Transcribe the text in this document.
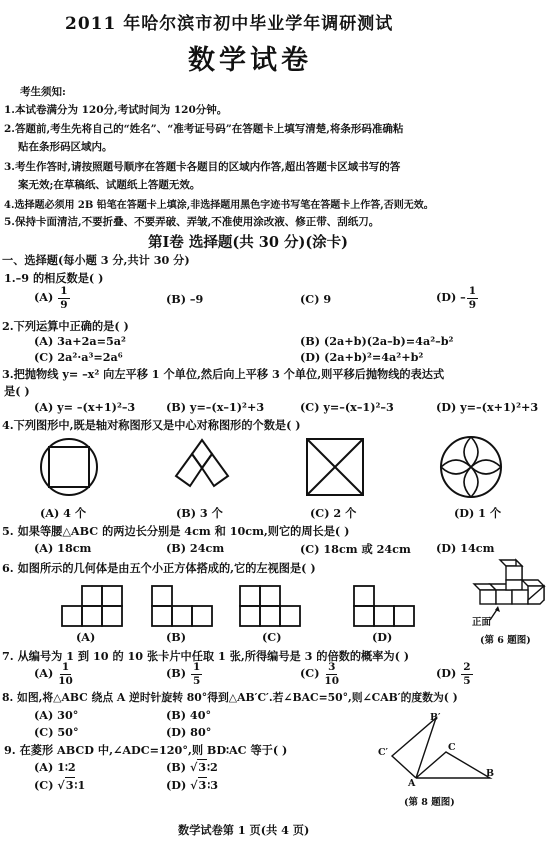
2011 年哈尔滨市初中毕业学年调研测试
数学试卷
考生须知:
1.本试卷满分为 120分,考试时间为 120分钟。
2.答题前,考生先将自己的“姓名”、“准考证号码”在答题卡上填写清楚,将条形码准确粘
贴在条形码区域内。
3.考生作答时,请按照题号顺序在答题卡各题目的区域内作答,超出答题卡区域书写的答
案无效;在草稿纸、试题纸上答题无效。
4.选择题必须用 2B 铅笔在答题卡上填涂,非选择题用黑色字迹书写笔在答题卡上作答,否则无效。
5.保持卡面清洁,不要折叠、不要弄破、弄皱,不准使用涂改液、修正带、刮纸刀。
第Ⅰ卷 选择题(共 30 分)(涂卡)
一、选择题(每小题 3 分,共计 30 分)
1.–9 的相反数是( )
$(A) \frac{1}{9}$	(B) –9	(C) 9	$(D) - \frac{1}{9}$
2.下列运算中正确的是( )
(A) 3a+2a=5a²	(B) (2a+b)(2a–b)=4a²–b²
(C) 2a²·a³=2a⁶	(D) (2a+b)²=4a²+b²
3.把抛物线 y= –x² 向左平移 1 个单位,然后向上平移 3 个单位,则平移后抛物线的表达式
是( )
(A) y= –(x+1)²–3	(B) y=–(x–1)²+3	(C) y=–(x–1)²–3	(D) y=–(x+1)²+3
4.下列图形中,既是轴对称图形又是中心对称图形的个数是( )
(A) 4 个	(B) 3 个	(C) 2 个	(D) 1 个
5. 如果等腰△ABC 的两边长分别是 4cm 和 10cm,则它的周长是( )
(A) 18cm	(B) 24cm	(C) 18cm 或 24cm (D) 14cm
6. 如图所示的几何体是由五个小正方体搭成的,它的左视图是( )
正面
(第 6 题图)
(A)	(B)	(C)	(D)
7. 从编号为 1 到 10 的 10 张卡片中任取 1 张,所得编号是 3 的倍数的概率为( )
$(A) \frac{1}{10}$	$(B) \frac{1}{5}$	$(C) \frac{3}{10}$	$(D) \frac{2}{5}$
8. 如图,将△ABC 绕点 A 逆时针旋转 80°得到△AB′C′.若∠BAC=50°,则∠CAB′的度数为( )
(A) 30°	(B) 40°
(C) 50°	(D) 80°
B′
C′	C
A
B
(第 8 题图)
9. 在菱形 ABCD 中,∠ADC=120°,则 BD∶AC 等于( )
(A) 1∶2	(B) √3∶2
(C) √3∶1	(D) √3∶3
数学试卷第 1 页(共 4 页)
